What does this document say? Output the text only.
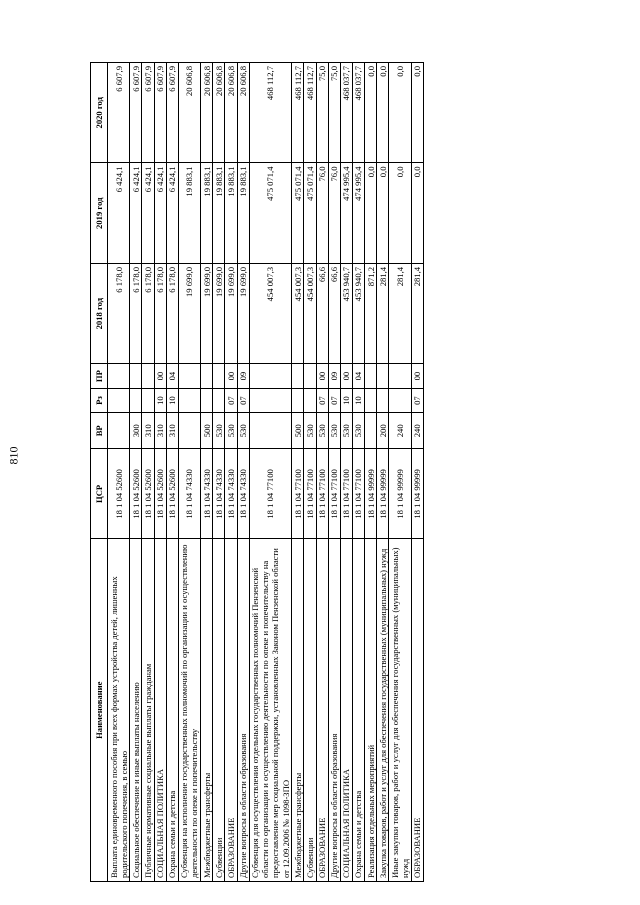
810
Наименование	ЦСР	ВР	Рз	ПР	2018 год	2019 год	2020 год
Выплата единовременного пособия при всех формах устройства детей, лишенных родительского попечения, в семью	18 1 04 52600				6 178,0	6 424,1	6 607,9
Социальное обеспечение и иные выплаты населению	18 1 04 52600	300			6 178,0	6 424,1	6 607,9
Публичные нормативные социальные выплаты гражданам	18 1 04 52600	310			6 178,0	6 424,1	6 607,9
СОЦИАЛЬНАЯ ПОЛИТИКА	18 1 04 52600	310	10	00	6 178,0	6 424,1	6 607,9
Охрана семьи и детства	18 1 04 52600	310	10	04	6 178,0	6 424,1	6 607,9
Субвенция на исполнение государственных полномочий по организации и осуществлению деятельности по опеке и попечительству	18 1 04 74330				19 699,0	19 883,1	20 606,8
Межбюджетные трансферты	18 1 04 74330	500			19 699,0	19 883,1	20 606,8
Субвенции	18 1 04 74330	530			19 699,0	19 883,1	20 606,8
ОБРАЗОВАНИЕ	18 1 04 74330	530	07	00	19 699,0	19 883,1	20 606,8
Другие вопросы в области образования	18 1 04 74330	530	07	09	19 699,0	19 883,1	20 606,8
Субвенция для осуществления отдельных государственных полномочий Пензенской области по организации и осуществлению деятельности по опеке и попечительству на предоставление мер социальной поддержки, установленных Законом Пензенской области от 12.09.2006 № 1098-ЗПО	18 1 04 77100				454 007,3	475 071,4	468 112,7
Межбюджетные трансферты	18 1 04 77100	500			454 007,3	475 071,4	468 112,7
Субвенции	18 1 04 77100	530			454 007,3	475 071,4	468 112,7
ОБРАЗОВАНИЕ	18 1 04 77100	530	07	00	66,6	76,0	75,0
Другие вопросы в области образования	18 1 04 77100	530	07	09	66,6	76,0	75,0
СОЦИАЛЬНАЯ ПОЛИТИКА	18 1 04 77100	530	10	00	453 940,7	474 995,4	468 037,7
Охрана семьи и детства	18 1 04 77100	530	10	04	453 940,7	474 995,4	468 037,7
Реализация отдельных мероприятий	18 1 04 99999				871,2	0,0	0,0
Закупка товаров, работ и услуг для обеспечения государственных (муниципальных) нужд	18 1 04 99999	200			281,4	0,0	0,0
Иные закупки товаров, работ и услуг для обеспечения государственных (муниципальных) нужд	18 1 04 99999	240			281,4	0,0	0,0
ОБРАЗОВАНИЕ	18 1 04 99999	240	07	00	281,4	0,0	0,0
